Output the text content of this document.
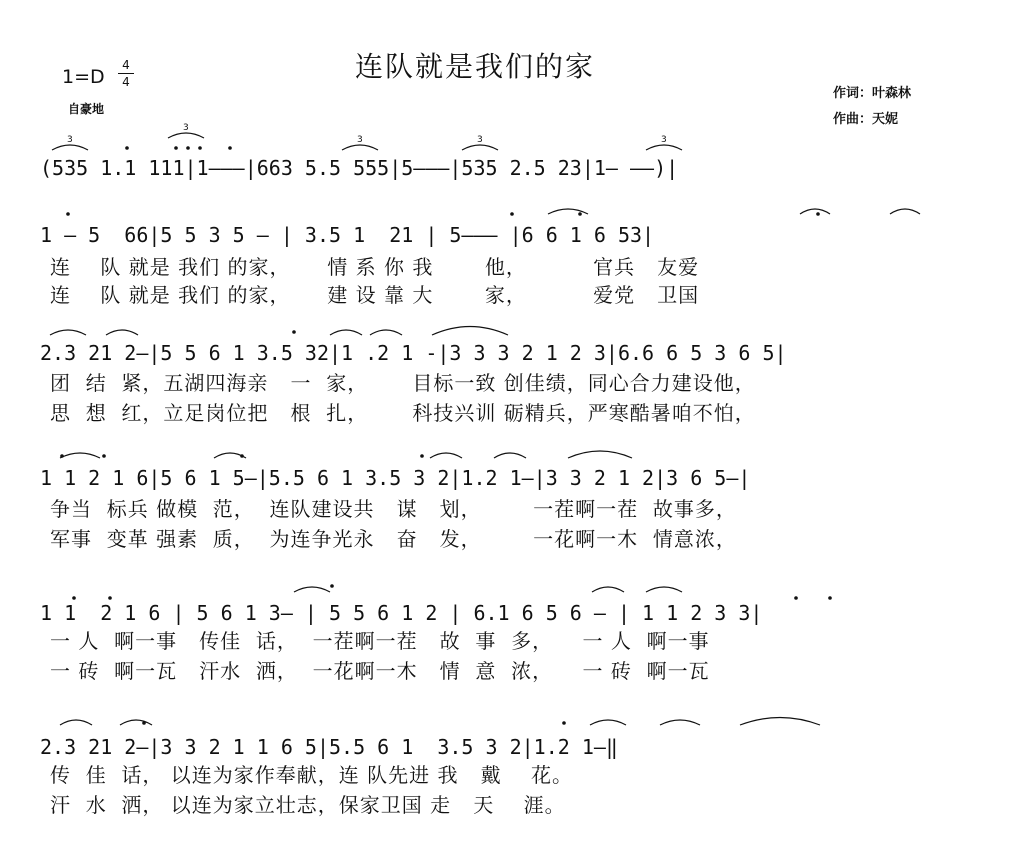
连队就是我们的家
1=D
4
4
自豪地
作词：叶森林
作曲：天妮
(535 1.1 111|1———|663 5.5 555|5———|535 2.5 23|1— ——)|
1 — 5  66|5 5 3 5 — | 3.5 1  21 | 5——— |6 6 1 6 53|
连    队 就是 我们 的家，     情 系 你 我       他，         官兵   友爱
连    队 就是 我们 的家，     建 设 靠 大       家，         爱党   卫国
2.3 21 2—|5 5 6 1 3.5 32|1 .2 1 -|3 3 3 2 1 2 3|6.6 6 5 3 6 5|
团  结  紧，五湖四海亲   一  家，      目标一致 创佳绩，同心合力建设他，
思  想  红，立足岗位把   根  扎，      科技兴训 砺精兵，严寒酷暑咱不怕，
1 1 2 1 6|5 6 1 5—|5.5 6 1 3.5 3 2|1.2 1—|3 3 2 1 2|3 6 5—|
争当  标兵 做模  范，  连队建设共   谋   划，       一茬啊一茬  故事多，
军事  变革 强素  质，  为连争光永   奋   发，       一花啊一木  情意浓，
1 1  2 1 6 | 5 6 1 3— | 5 5 6 1 2 | 6.1 6 5 6 — | 1 1 2 3 3|
一 人  啊一事   传佳  话，  一茬啊一茬   故  事  多，    一 人  啊一事
一 砖  啊一瓦   汗水  洒，  一花啊一木   情  意  浓，    一 砖  啊一瓦
2.3 21 2—|3 3 2 1 1 6 5|5.5 6 1  3.5 3 2|1.2 1—‖
传  佳  话， 以连为家作奉献，连 队先进 我   戴    花。
汗  水  洒， 以连为家立壮志，保家卫国 走   天    涯。
3
3
3	3	3
